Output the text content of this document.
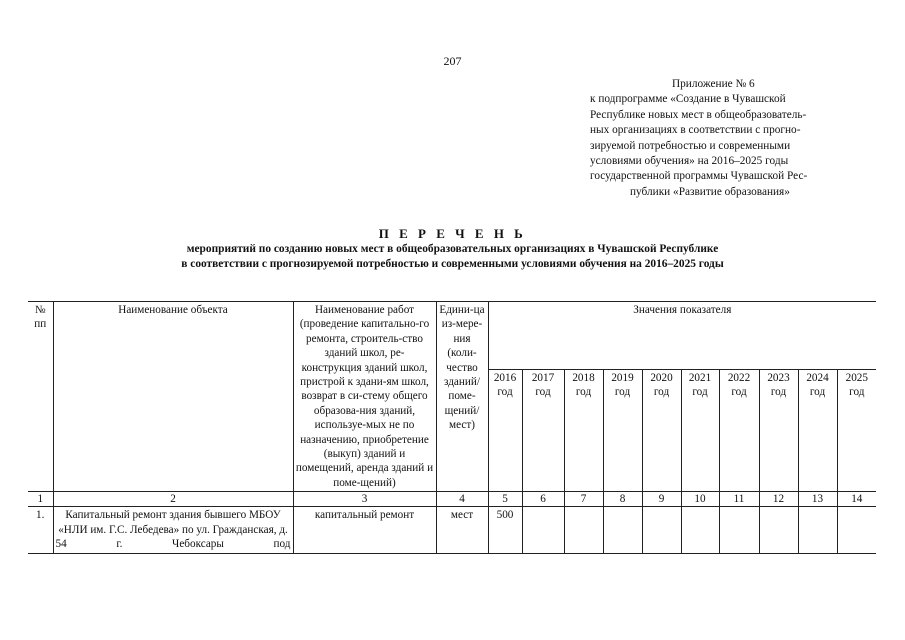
207
Приложение № 6
к подпрограмме «Создание в Чувашской
Республике новых мест в общеобразователь-
ных организациях в соответствии с прогно-
зируемой потребностью и современными
условиями обучения» на 2016–2025 годы
государственной программы Чувашской Рес-
публики «Развитие образования»
П Е Р Е Ч Е Н Ь
мероприятий по созданию новых мест в общеобразовательных организациях в Чувашской Республике
в соответствии с прогнозируемой потребностью и современными условиями обучения на 2016–2025 годы
№ пп	Наименование объекта	Наименование работ (проведение капитально-го ремонта, строитель-ство зданий школ, ре-конструкция зданий школ, пристрой к здани-ям школ, возврат в си-стему общего образова-ния зданий, используе-мых не по назначению, приобретение (выкуп) зданий и помещений, аренда зданий и поме-щений)	Едини-ца из-мере-ния (коли-чество зданий/ поме-щений/ мест)	Значения показателя									
				2016 год	2017 год	2018 год	2019 год	2020 год	2021 год	2022 год	2023 год	2024 год	2025 год
1	2	3	4	5	6	7	8	9	10	11	12	13	14
1.	Капитальный ремонт здания бывшего МБОУ «НЛИ им. Г.С. Лебедева» по ул. Гражданская, д. 54 г. Чебоксары под	капитальный ремонт	мест	500									
